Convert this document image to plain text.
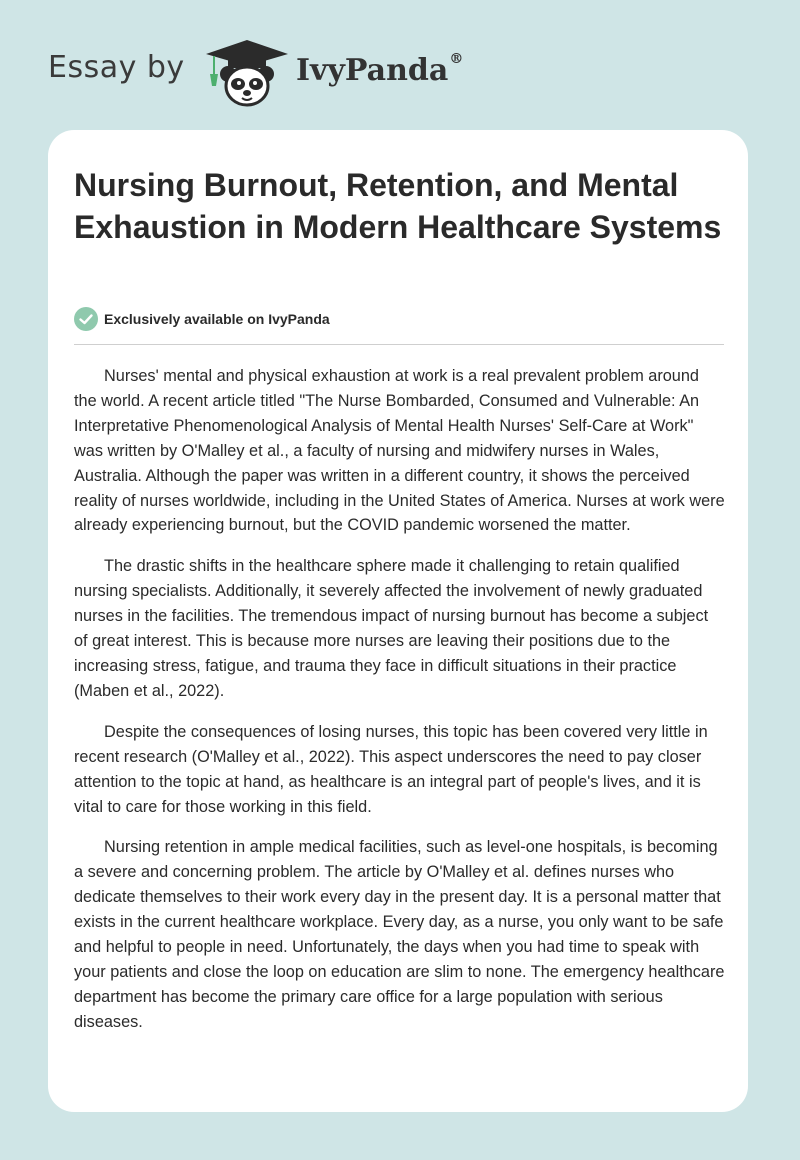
Essay by	IvyPanda®
Nursing Burnout, Retention, and Mental Exhaustion in Modern Healthcare Systems
Exclusively available on IvyPanda

Nurses' mental and physical exhaustion at work is a real prevalent problem around the world. A recent article titled "The Nurse Bombarded, Consumed and Vulnerable: An Interpretative Phenomenological Analysis of Mental Health Nurses' Self-Care at Work" was written by O'Malley et al., a faculty of nursing and midwifery nurses in Wales, Australia. Although the paper was written in a different country, it shows the perceived reality of nurses worldwide, including in the United States of America. Nurses at work were already experiencing burnout, but the COVID pandemic worsened the matter.

The drastic shifts in the healthcare sphere made it challenging to retain qualified nursing specialists. Additionally, it severely affected the involvement of newly graduated nurses in the facilities. The tremendous impact of nursing burnout has become a subject of great interest. This is because more nurses are leaving their positions due to the increasing stress, fatigue, and trauma they face in difficult situations in their practice (Maben et al., 2022).

Despite the consequences of losing nurses, this topic has been covered very little in recent research (O'Malley et al., 2022). This aspect underscores the need to pay closer attention to the topic at hand, as healthcare is an integral part of people's lives, and it is vital to care for those working in this field.

Nursing retention in ample medical facilities, such as level-one hospitals, is becoming a severe and concerning problem. The article by O'Malley et al. defines nurses who dedicate themselves to their work every day in the present day. It is a personal matter that exists in the current healthcare workplace. Every day, as a nurse, you only want to be safe and helpful to people in need. Unfortunately, the days when you had time to speak with your patients and close the loop on education are slim to none. The emergency healthcare department has become the primary care office for a large population with serious diseases.
